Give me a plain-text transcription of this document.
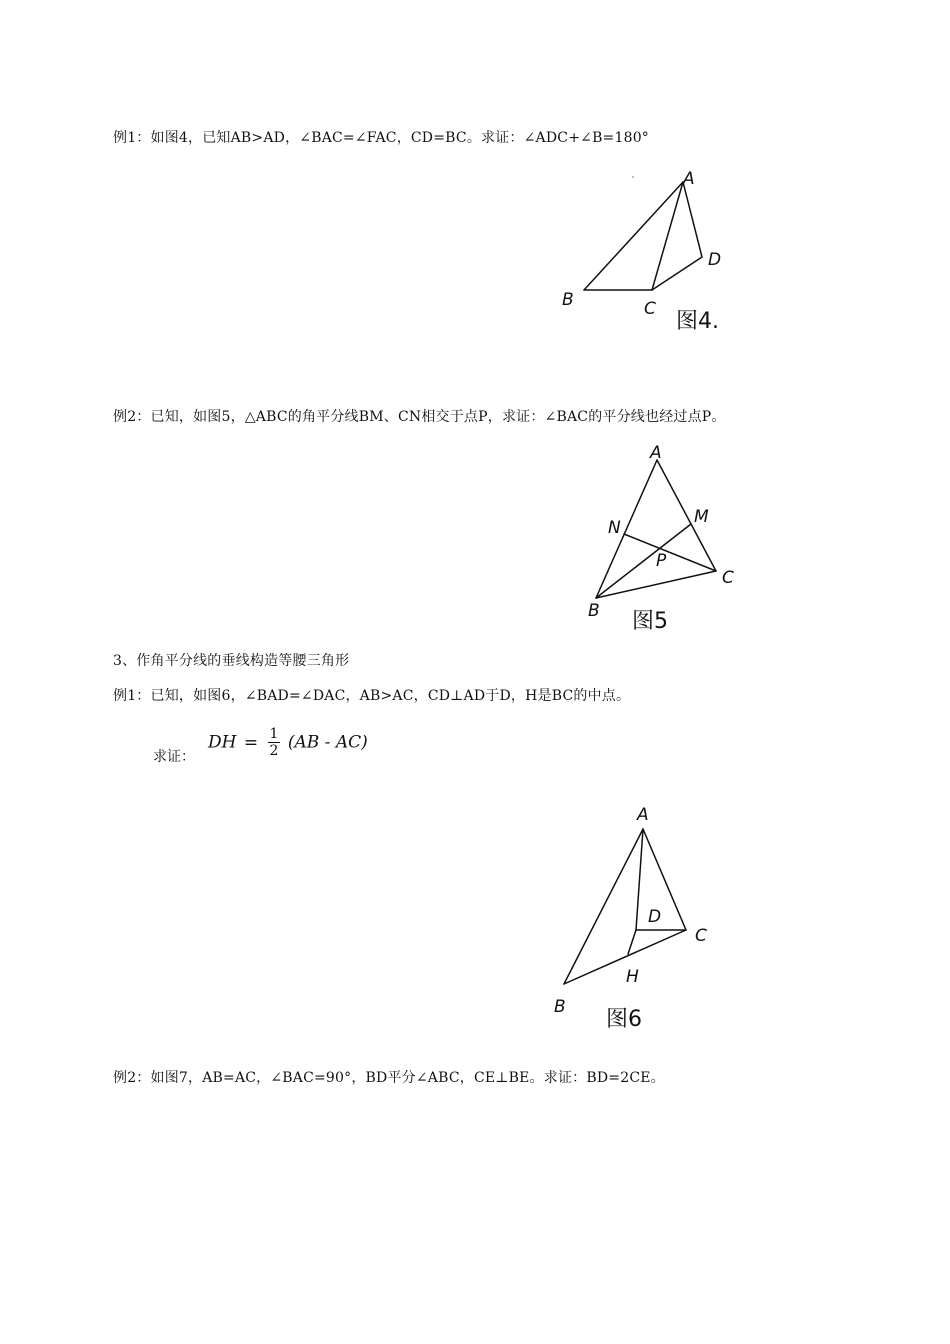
例1：如图4，已知AB>AD，∠BAC=∠FAC，CD=BC。求证：∠ADC+∠B=180°
A
B	C
D
图4.
例2：已知，如图5，△ABC的角平分线BM、CN相交于点P，求证：∠BAC的平分线也经过点P。
A
B
C
M
N
P
图5
3、作角平分线的垂线构造等腰三角形
例1：已知，如图6，∠BAD=∠DAC，AB>AC，CD⊥AD于D，H是BC的中点。
求证：
DH = $\frac{1}{2} (AB - AC)$
A
B
C
D
H
图6
例2：如图7，AB=AC，∠BAC=90°，BD平分∠ABC，CE⊥BE。求证：BD=2CE。
